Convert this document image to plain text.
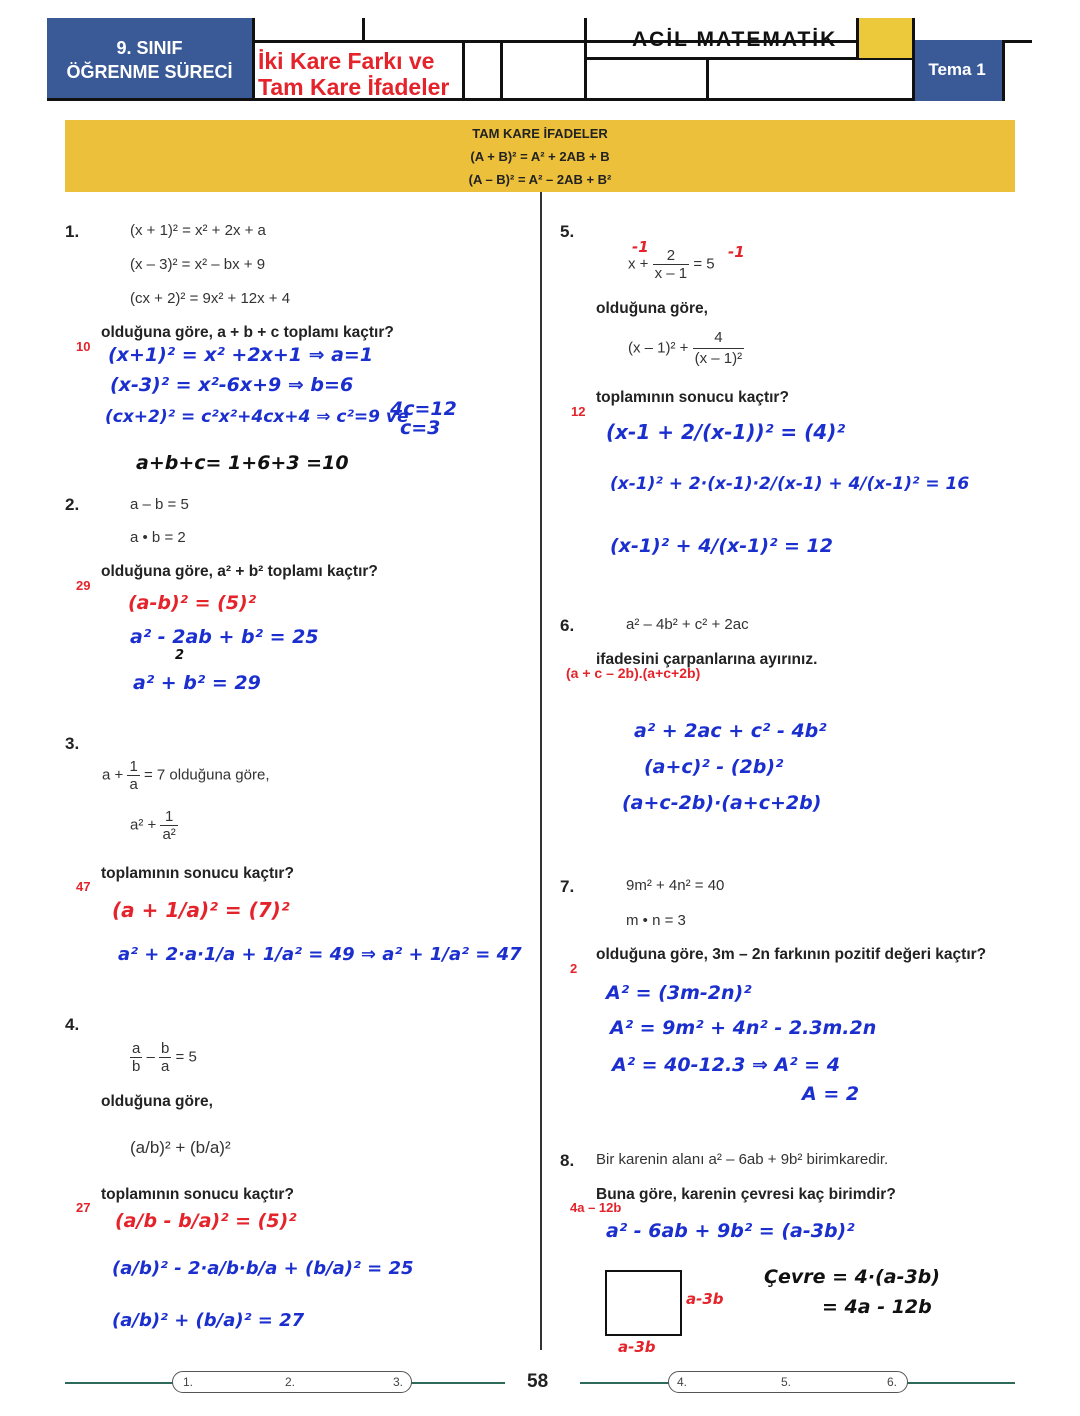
9. SINIF
ÖĞRENME SÜRECİ	İki Kare Farkı ve
Tam Kare İfadeler
ACİL MATEMATİK
Tema 1
TAM KARE İFADELER
(A + B)² = A² + 2AB + B
(A – B)² = A² – 2AB + B²
1.	(x + 1)² = x² + 2x + a
(x – 3)² = x² – bx + 9
(cx + 2)² = 9x² + 12x + 4
olduğuna göre, a + b + c toplamı kaçtır?
10 (x+1)² = x² +2x+1 ⇒ a=1
(x-3)² = x²-6x+9 ⇒ b=6
(cx+2)² = c²x²+4cx+4 ⇒ c²=9 ve
4c=12
c=3
a+b+c= 1+6+3 =10
2.	a – b = 5
a • b = 2
olduğuna göre, a² + b² toplamı kaçtır?
29
(a-b)² = (5)²
a² - 2ab + b² = 25
2
a² + b² = 29
3.
$a + \frac{1}{a} = 7$ olduğuna göre,
$a^2 + \frac{1}{\text{a²}}$
toplamının sonucu kaçtır?
47
(a + 1/a)² = (7)²
a² + 2·a·1/a + 1/a² = 49 ⇒ a² + 1/a² = 47
4.
$\frac{a}{b} - \frac{b}{a} = 5$
olduğuna göre,
(a/b)² + (b/a)²
toplamının sonucu kaçtır?
27
(a/b - b/a)² = (5)²
(a/b)² - 2·a/b·b/a + (b/a)² = 25
(a/b)² + (b/a)² = 27
5.
$x + \frac{2}{x - 1} = 5$
-1	-1
olduğuna göre,
$(x - 1)^2 + \frac{4}{\text{(x – 1)²}}$
toplamının sonucu kaçtır?
12
(x-1 + 2/(x-1))² = (4)²
(x-1)² + 2·(x-1)·2/(x-1) + 4/(x-1)² = 16
(x-1)² + 4/(x-1)² = 12
6.	a² – 4b² + c² + 2ac
ifadesini çarpanlarına ayırınız.
(a + c – 2b).(a+c+2b)
a² + 2ac + c² - 4b²
(a+c)² - (2b)²
(a+c-2b)·(a+c+2b)
7.	9m² + 4n² = 40
m • n = 3
olduğuna göre, 3m – 2n farkının pozitif değeri kaçtır?
2
A² = (3m-2n)²
A² = 9m² + 4n² - 2.3m.2n
A² = 40-12.3 ⇒ A² = 4
A = 2
8. Bir karenin alanı a² – 6ab + 9b² birimkaredir.
Buna göre, karenin çevresi kaç birimdir?
4a – 12b
a² - 6ab + 9b² = (a-3b)²
a-3b
a-3b
Çevre = 4·(a-3b)
= 4a - 12b
1.	2.	3.	4.	5.	6.
58
